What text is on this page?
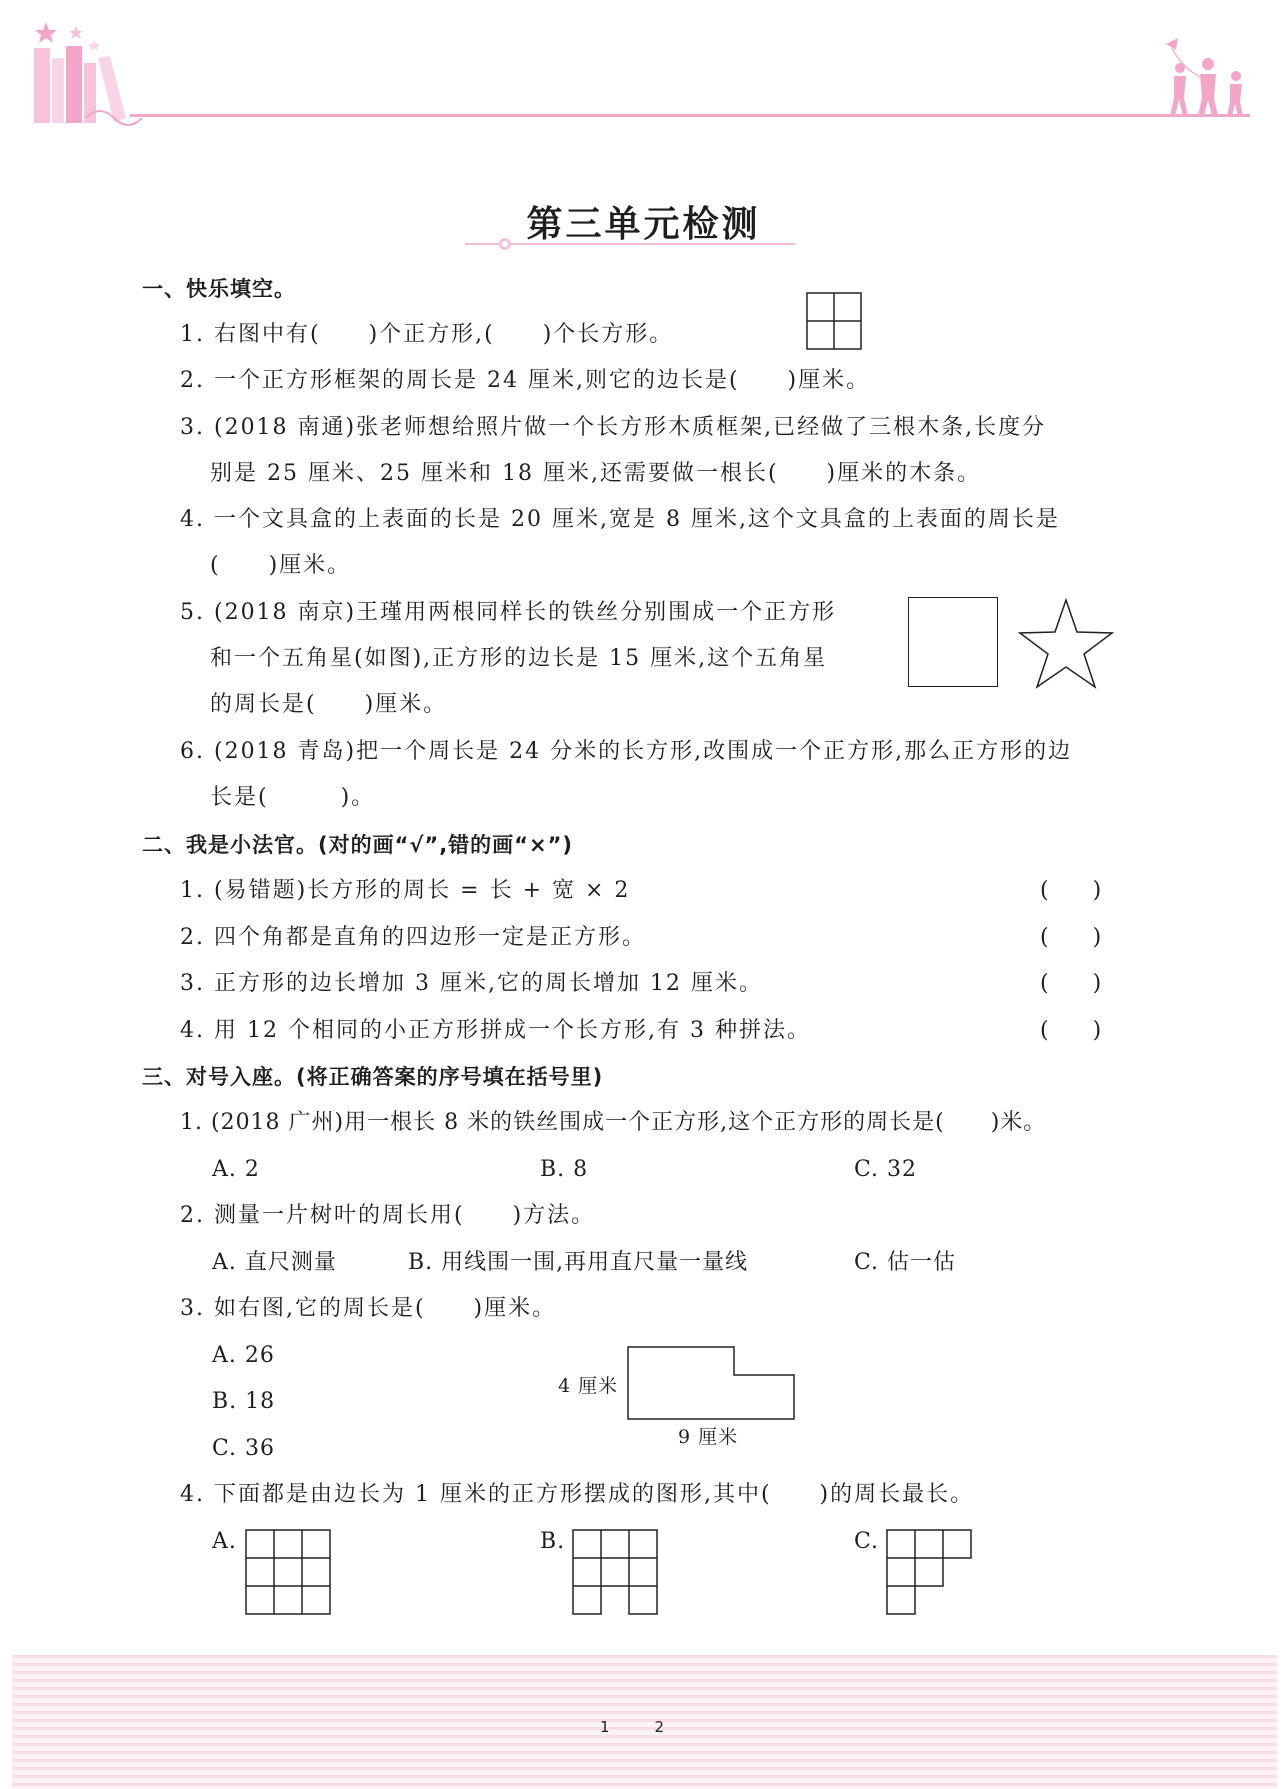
第三单元检测
一、快乐填空。
1. 右图中有(　　)个正方形,(　　)个长方形。
2. 一个正方形框架的周长是 24 厘米,则它的边长是(　　)厘米。
3. (2018 南通)张老师想给照片做一个长方形木质框架,已经做了三根木条,长度分
别是 25 厘米、25 厘米和 18 厘米,还需要做一根长(　　)厘米的木条。
4. 一个文具盒的上表面的长是 20 厘米,宽是 8 厘米,这个文具盒的上表面的周长是
(　　)厘米。
5. (2018 南京)王瑾用两根同样长的铁丝分别围成一个正方形
和一个五角星(如图),正方形的边长是 15 厘米,这个五角星
的周长是(　　)厘米。
6. (2018 青岛)把一个周长是 24 分米的长方形,改围成一个正方形,那么正方形的边
长是(　　　)。
二、我是小法官。(对的画“√”,错的画“×”)
1. (易错题)长方形的周长 = 长 + 宽 × 2	(　　)
2. 四个角都是直角的四边形一定是正方形。	(　　)
3. 正方形的边长增加 3 厘米,它的周长增加 12 厘米。	(　　)
4. 用 12 个相同的小正方形拼成一个长方形,有 3 种拼法。	(　　)
三、对号入座。(将正确答案的序号填在括号里)
1. (2018 广州)用一根长 8 米的铁丝围成一个正方形,这个正方形的周长是(　　)米。
A. 2	B. 8	C. 32
2. 测量一片树叶的周长用(　　)方法。
A. 直尺测量	B. 用线围一围,再用直尺量一量线	C. 估一估
3. 如右图,它的周长是(　　)厘米。
A. 26
B. 18
C. 36
4 厘米
9 厘米
4. 下面都是由边长为 1 厘米的正方形摆成的图形,其中(　　)的周长最长。
A.	B.	C.
1　　　2
